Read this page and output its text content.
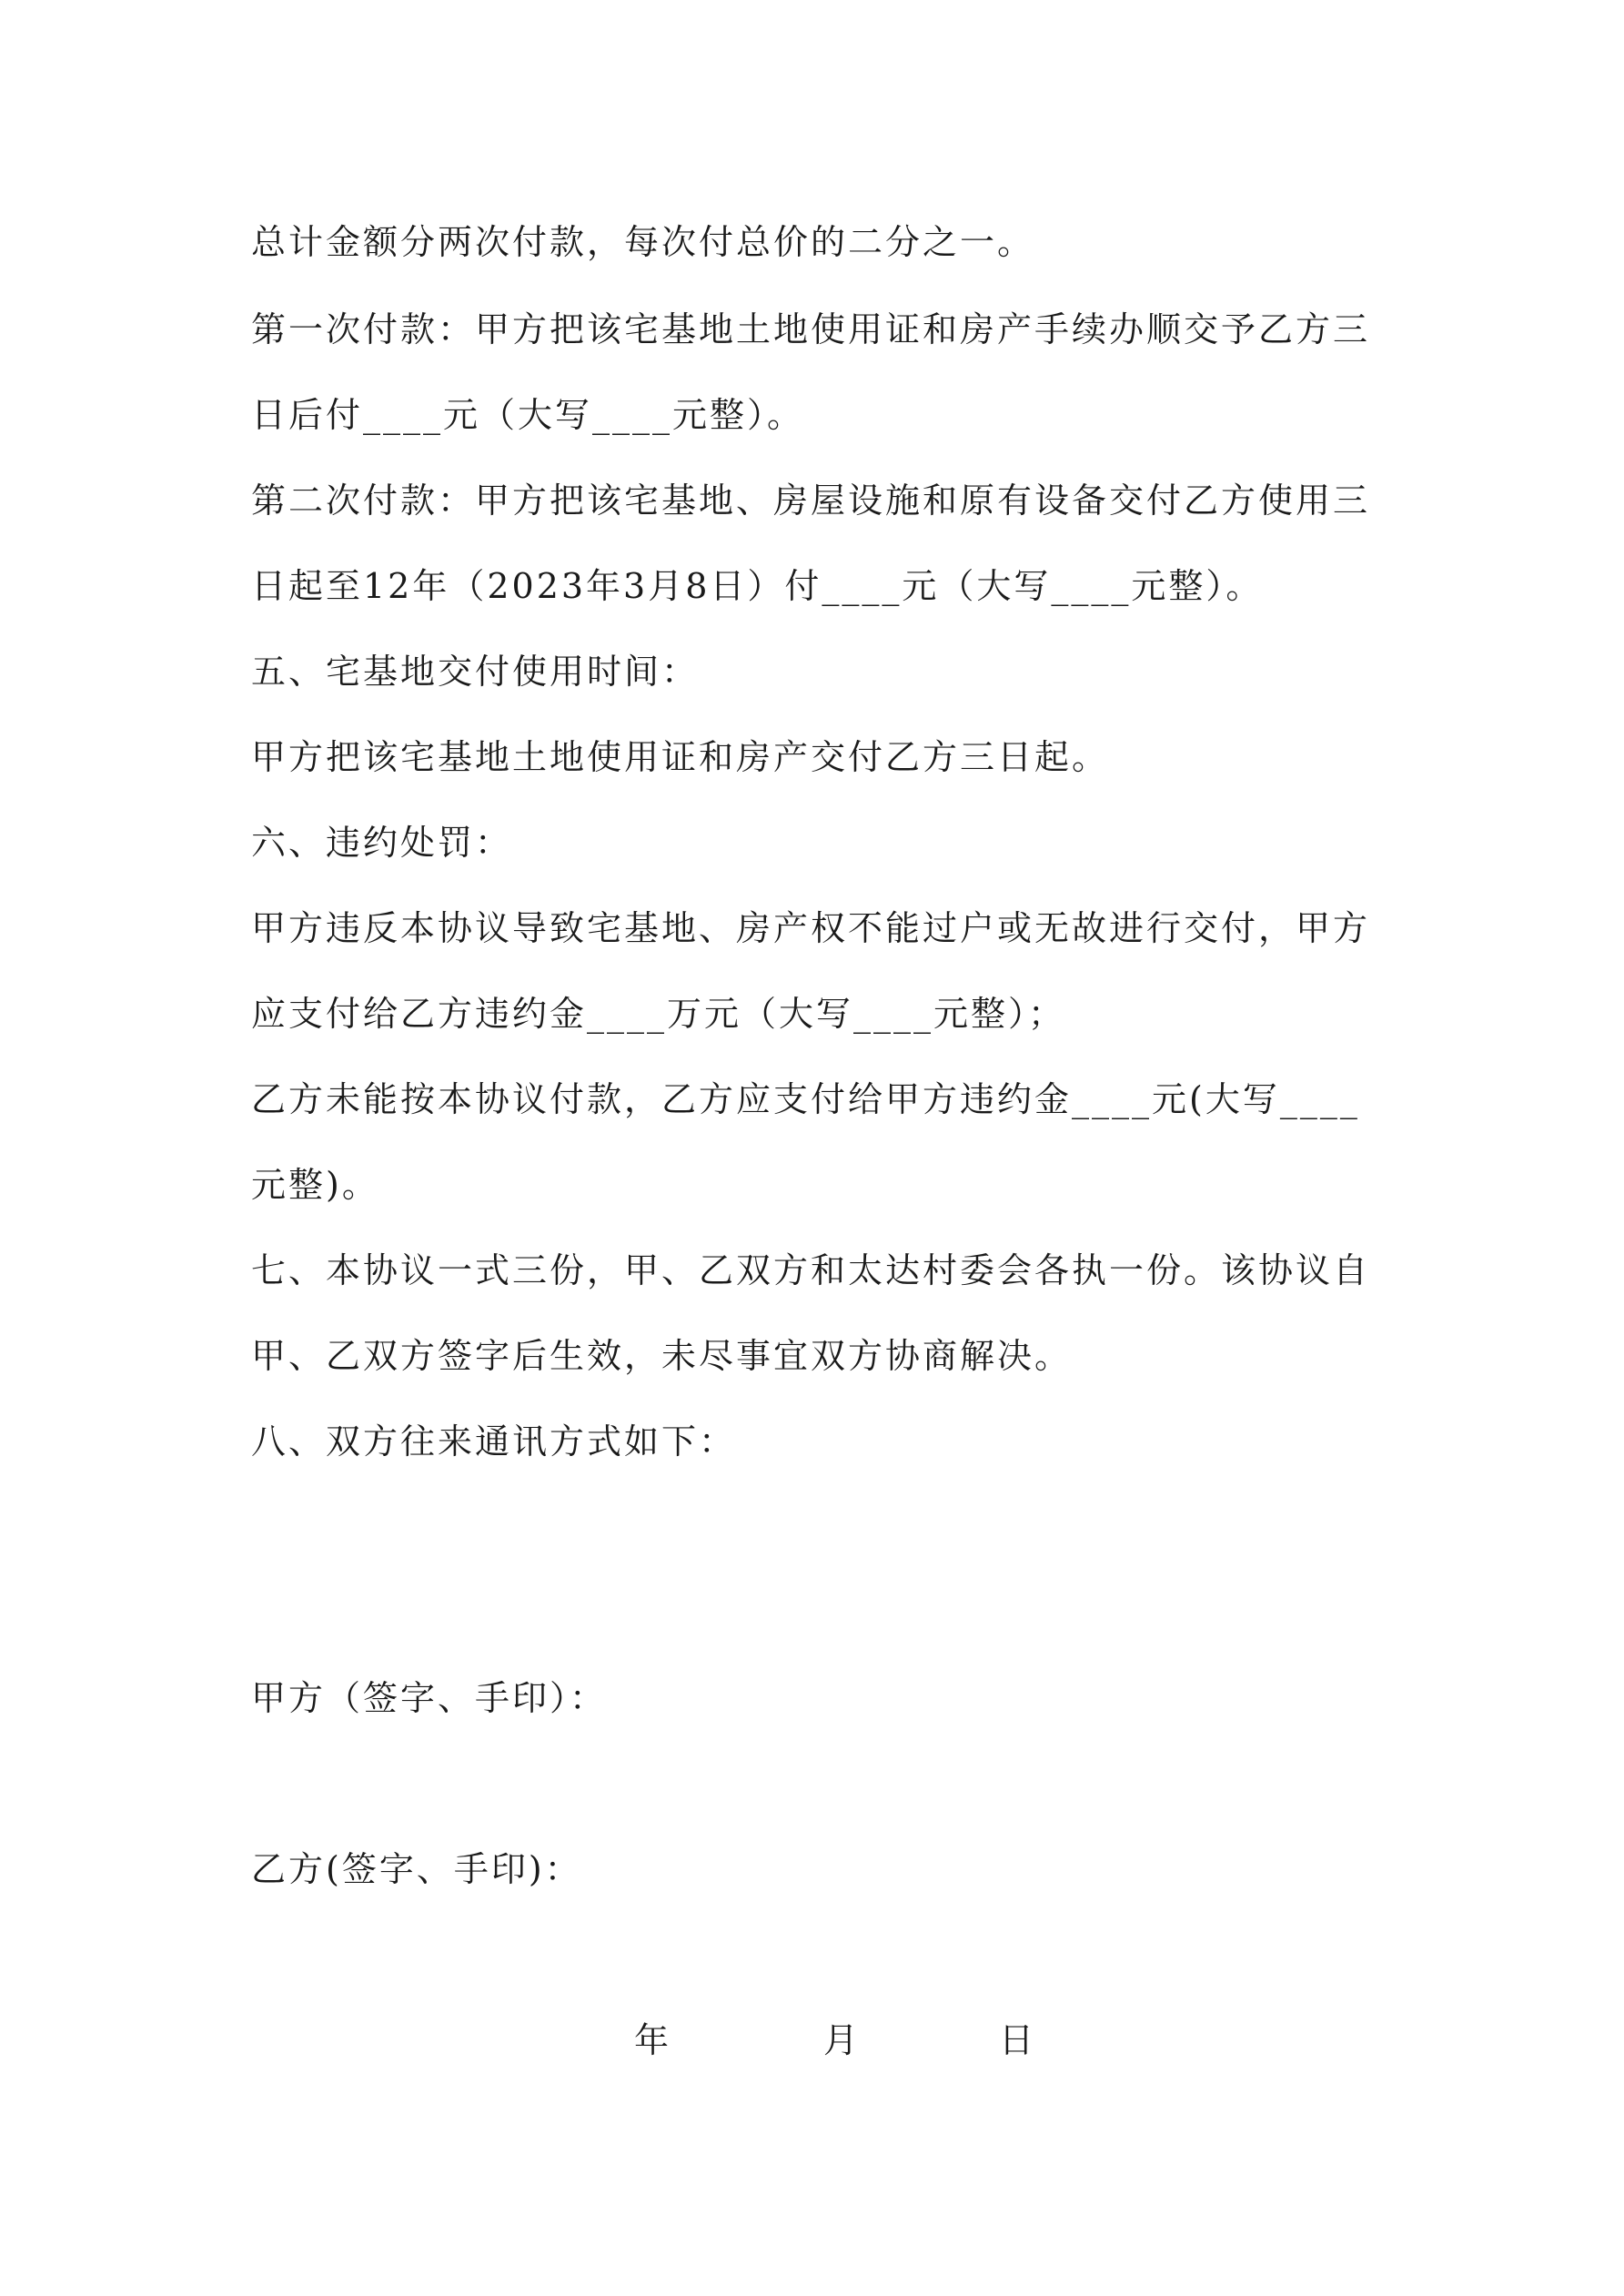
总计金额分两次付款，每次付总价的二分之一。
第一次付款：甲方把该宅基地土地使用证和房产手续办顺交予乙方三
日后付____元（大写____元整）。
第二次付款：甲方把该宅基地、房屋设施和原有设备交付乙方使用三
日起至12年（2023年3月8日）付____元（大写____元整）。
五、宅基地交付使用时间：
甲方把该宅基地土地使用证和房产交付乙方三日起。
六、违约处罚：
甲方违反本协议导致宅基地、房产权不能过户或无故进行交付，甲方
应支付给乙方违约金____万元（大写____元整）；
乙方未能按本协议付款，乙方应支付给甲方违约金____元(大写____
元整)。
七、本协议一式三份，甲、乙双方和太达村委会各执一份。该协议自
甲、乙双方签字后生效，未尽事宜双方协商解决。
八、双方往来通讯方式如下：
甲方（签字、手印）：
乙方(签字、手印)：
年	月	日
